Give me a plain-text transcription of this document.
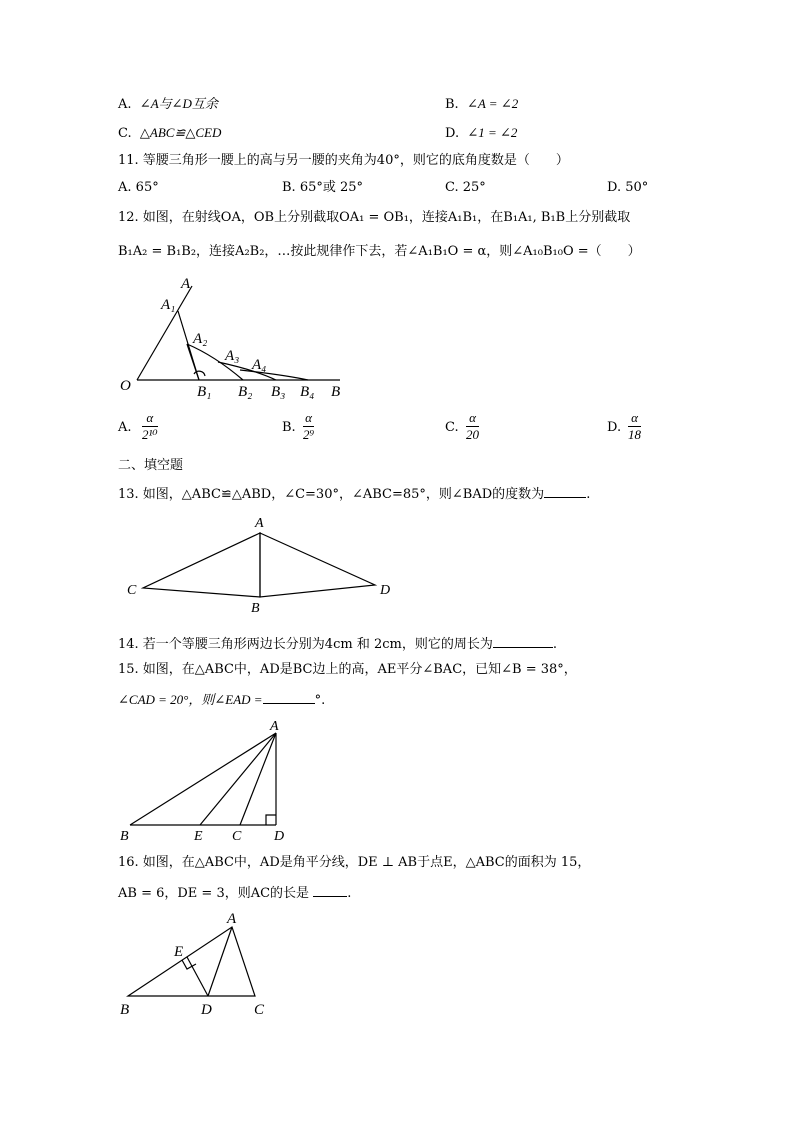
A. ∠A与∠D互余	B. ∠A = ∠2
C. △ABC≌△CED	D. ∠1 = ∠2
11. 等腰三角形一腰上的高与另一腰的夹角为40°，则它的底角度数是（　　）
A. 65°	B. 65°或 25°	C. 25°	D. 50°
12. 如图，在射线OA，OB上分别截取OA₁ = OB₁，连接A₁B₁，在B₁A₁, B₁B上分别截取
B₁A₂ = B₁B₂，连接A₂B₂，…按此规律作下去，若∠A₁B₁O = α，则∠A₁₀B₁₀O =（　　）
A
A₁
A₂
A₃
A₄
O	B₁ B₂ B₃ B₄ B
A. $\frac{\alpha}{\text{2¹⁰}}$	B. $\frac{\alpha}{\text{2⁹}}$	C. $\frac{\alpha}{20}$	D. $\frac{\alpha}{18}$
二、填空题
13. 如图，△ABC≌△ABD，∠C=30°，∠ABC=85°，则∠BAD的度数为	.
A
B
C	D
14. 若一个等腰三角形两边长分别为4cm 和 2cm，则它的周长为	.
15. 如图，在△ABC中，AD是BC边上的高，AE平分∠BAC，已知∠B = 38°，
∠CAD = 20°，则∠EAD =	°.
A
B	E C D
16. 如图，在△ABC中，AD是角平分线，DE ⊥ AB于点E，△ABC的面积为 15，
AB = 6，DE = 3，则AC的长是	.
A
E
B	D	C
